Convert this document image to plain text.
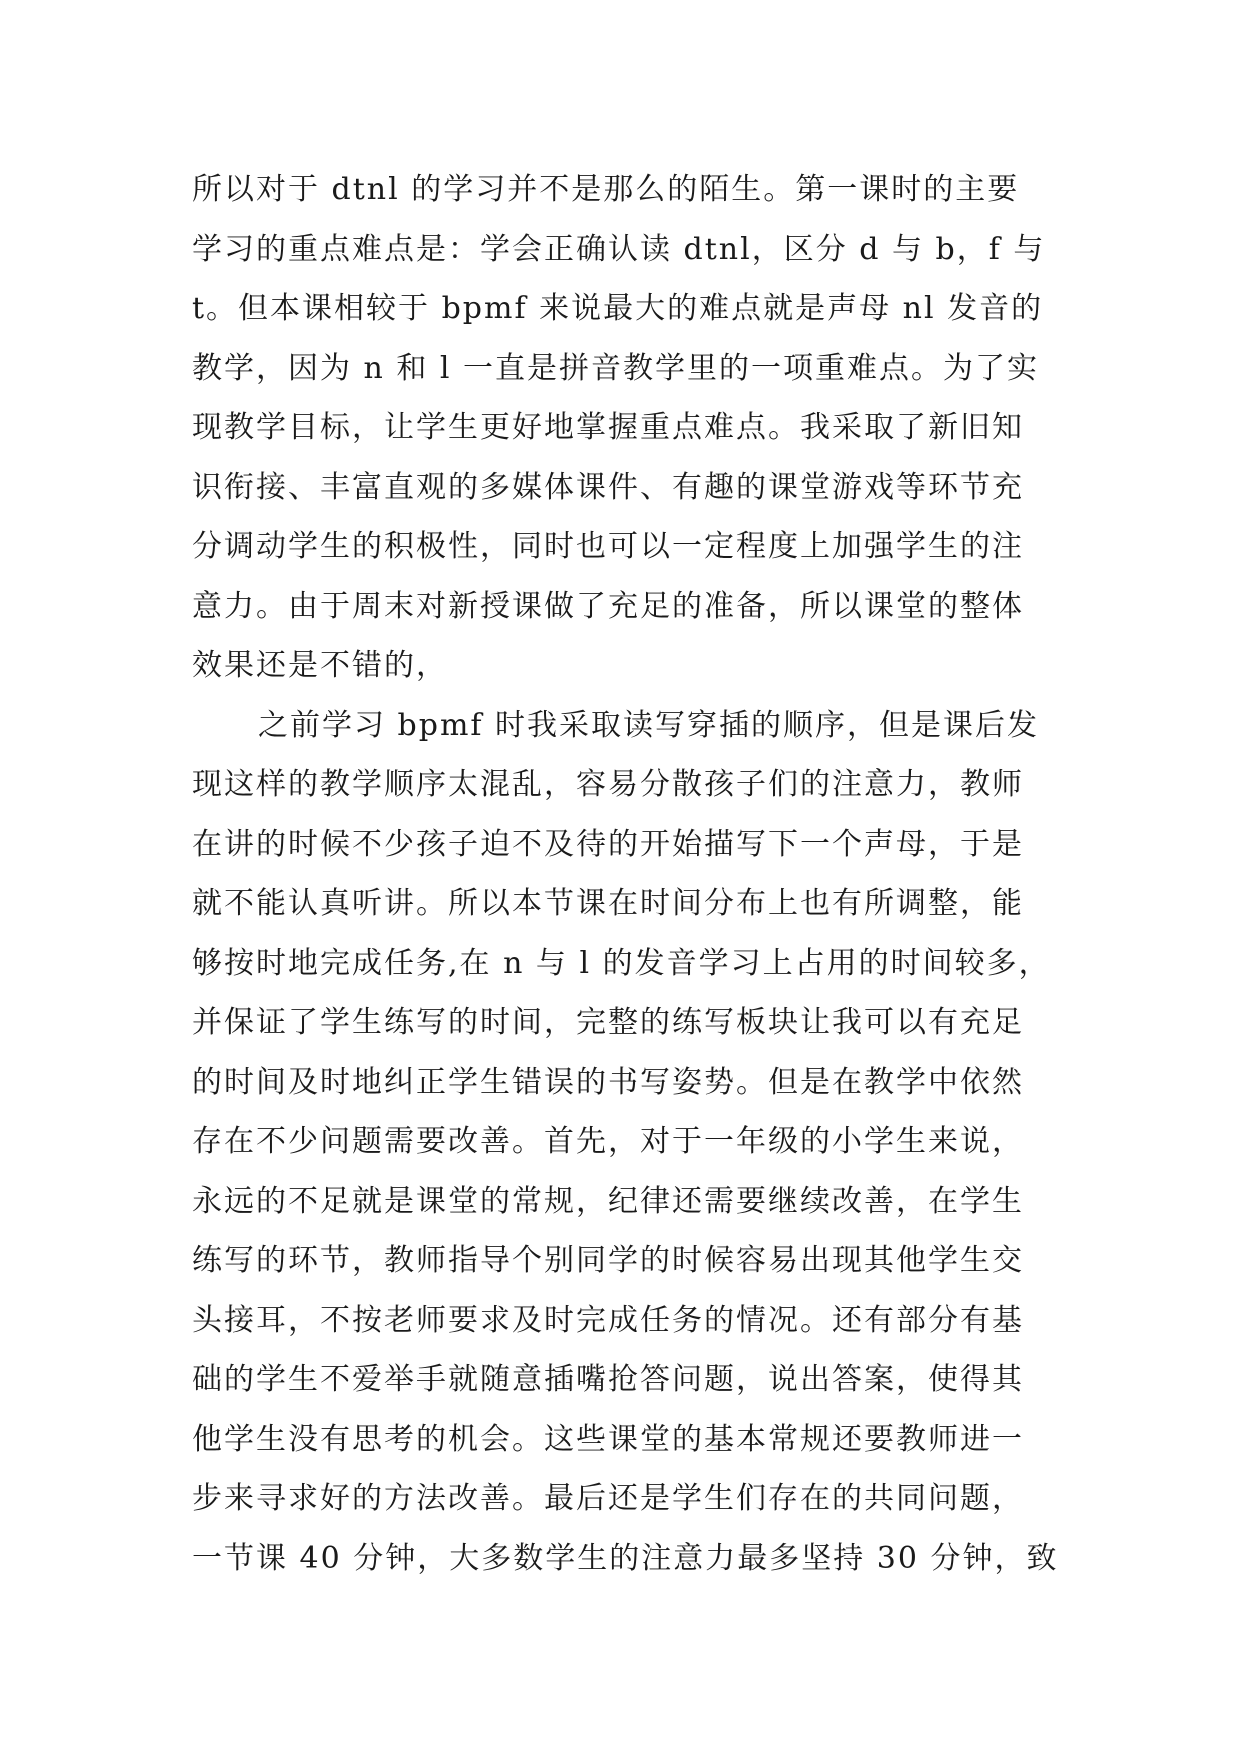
所以对于 dtnl 的学习并不是那么的陌生。第一课时的主要
学习的重点难点是：学会正确认读 dtnl，区分 d 与 b，f 与
t。但本课相较于 bpmf 来说最大的难点就是声母 nl 发音的
教学，因为 n 和 l 一直是拼音教学里的一项重难点。为了实
现教学目标，让学生更好地掌握重点难点。我采取了新旧知
识衔接、丰富直观的多媒体课件、有趣的课堂游戏等环节充
分调动学生的积极性，同时也可以一定程度上加强学生的注
意力。由于周末对新授课做了充足的准备，所以课堂的整体
效果还是不错的，
之前学习 bpmf 时我采取读写穿插的顺序，但是课后发
现这样的教学顺序太混乱，容易分散孩子们的注意力，教师
在讲的时候不少孩子迫不及待的开始描写下一个声母，于是
就不能认真听讲。所以本节课在时间分布上也有所调整，能
够按时地完成任务,在 n 与 l 的发音学习上占用的时间较多，
并保证了学生练写的时间，完整的练写板块让我可以有充足
的时间及时地纠正学生错误的书写姿势。但是在教学中依然
存在不少问题需要改善。首先，对于一年级的小学生来说，
永远的不足就是课堂的常规，纪律还需要继续改善，在学生
练写的环节，教师指导个别同学的时候容易出现其他学生交
头接耳，不按老师要求及时完成任务的情况。还有部分有基
础的学生不爱举手就随意插嘴抢答问题，说出答案，使得其
他学生没有思考的机会。这些课堂的基本常规还要教师进一
步来寻求好的方法改善。最后还是学生们存在的共同问题，
一节课 40 分钟，大多数学生的注意力最多坚持 30 分钟，致
